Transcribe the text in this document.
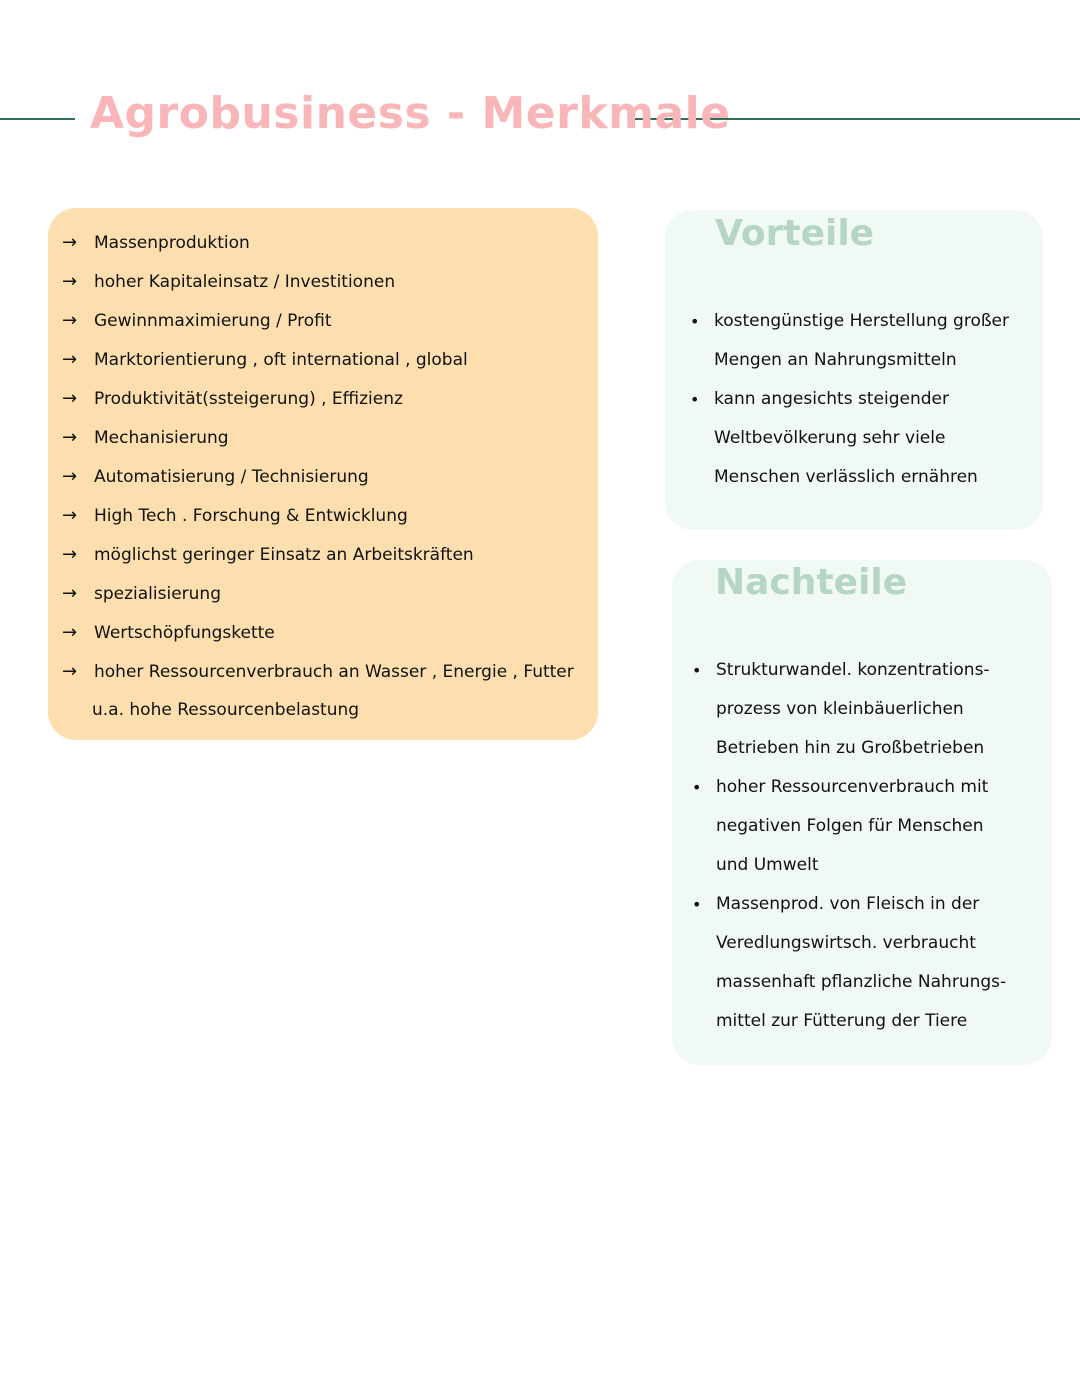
Agrobusiness - Merkmale
→ Massenproduktion
→ hoher Kapitaleinsatz / Investitionen
→ Gewinnmaximierung / Profit
→ Marktorientierung , oft international , global
→ Produktivität(ssteigerung) , Effizienz
→ Mechanisierung
→ Automatisierung / Technisierung
→ High Tech . Forschung & Entwicklung
→ möglichst geringer Einsatz an Arbeitskräften
→ spezialisierung
→ Wertschöpfungskette
→ hoher Ressourcenverbrauch an Wasser , Energie , Futter
u.a. hohe Ressourcenbelastung
Vorteile
• kostengünstige Herstellung großer
Mengen an Nahrungsmitteln
• kann angesichts steigender
Weltbevölkerung sehr viele
Menschen verlässlich ernähren
Nachteile
• Strukturwandel. konzentrations-
prozess von kleinbäuerlichen
Betrieben hin zu Großbetrieben
• hoher Ressourcenverbrauch mit
negativen Folgen für Menschen
und Umwelt
• Massenprod. von Fleisch in der
Veredlungswirtsch. verbraucht
massenhaft pflanzliche Nahrungs-
mittel zur Fütterung der Tiere
